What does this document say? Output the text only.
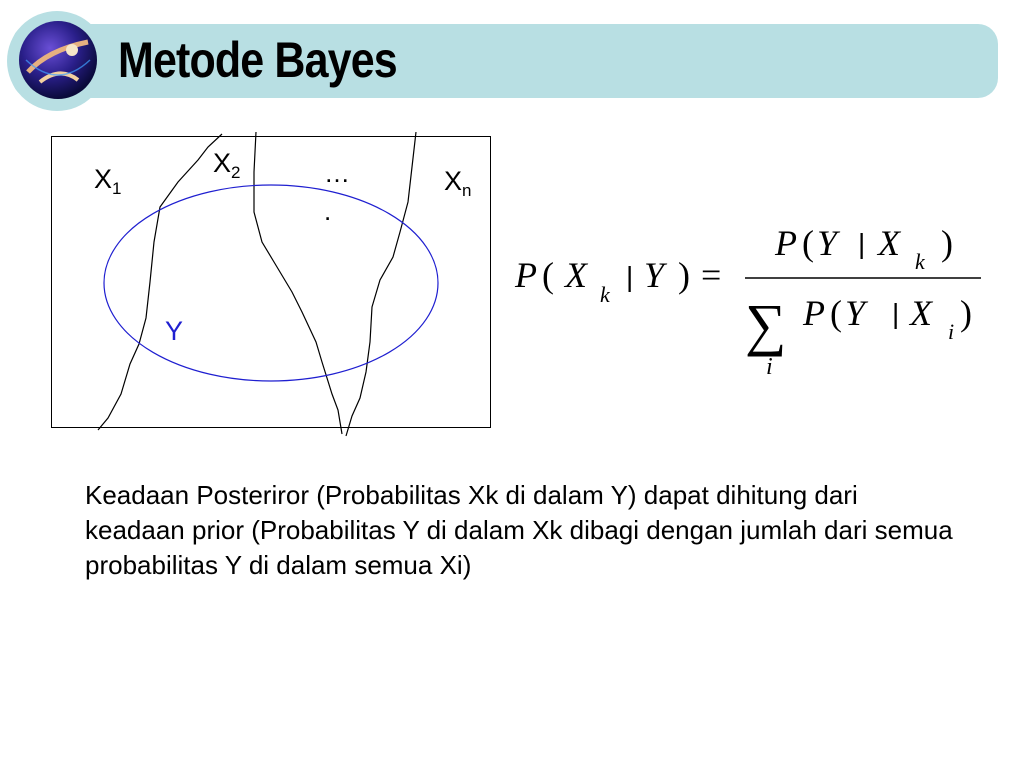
Metode Bayes
$X_1$
$X_2$	$X_n$
…
.
Y
P ( X k
| Y ) =
P ( Y | X k )
∑
i
P ( Y | X i )

Keadaan Posteriror (Probabilitas Xk di dalam Y) dapat dihitung dari keadaan prior (Probabilitas Y di dalam Xk dibagi dengan jumlah dari semua probabilitas Y di dalam semua Xi)
